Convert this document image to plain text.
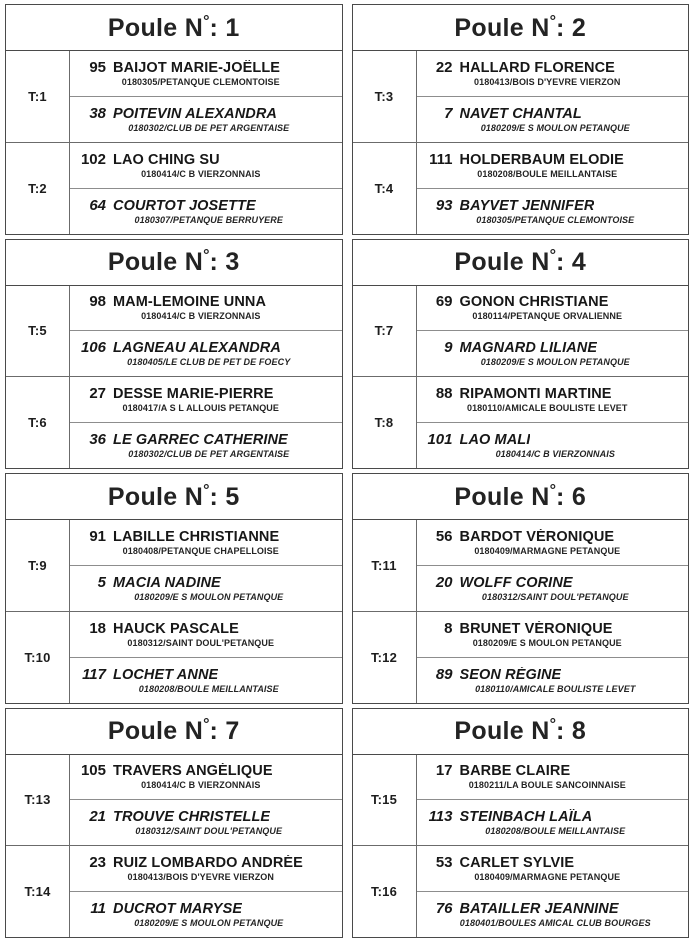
Poule N°: 1
T:1
95 BAIJOT MARIE-JOËLLE
0180305/PETANQUE CLEMONTOISE
38 POITEVIN ALEXANDRA
0180302/CLUB DE PET ARGENTAISE
T:2
102 LAO CHING SU
0180414/C B VIERZONNAIS
64 COURTOT JOSETTE
0180307/PETANQUE BERRUYERE
Poule N°: 2
T:3
22 HALLARD FLORENCE
0180413/BOIS D'YEVRE VIERZON
7 NAVET CHANTAL
0180209/E S MOULON PETANQUE
T:4
111 HOLDERBAUM ELODIE
0180208/BOULE MEILLANTAISE
93 BAYVET JENNIFER
0180305/PETANQUE CLEMONTOISE
Poule N°: 3
T:5
98 MAM-LEMOINE UNNA
0180414/C B VIERZONNAIS
106 LAGNEAU ALEXANDRA
0180405/LE CLUB DE PET DE FOECY
T:6
27 DESSE MARIE-PIERRE
0180417/A S L ALLOUIS PETANQUE
36 LE GARREC CATHERINE
0180302/CLUB DE PET ARGENTAISE
Poule N°: 4
T:7
69 GONON CHRISTIANE
0180114/PETANQUE ORVALIENNE
9 MAGNARD LILIANE
0180209/E S MOULON PETANQUE
T:8
88 RIPAMONTI MARTINE
0180110/AMICALE BOULISTE LEVET
101 LAO MALI
0180414/C B VIERZONNAIS
Poule N°: 5
T:9
91 LABILLE CHRISTIANNE
0180408/PETANQUE CHAPELLOISE
5 MACIA NADINE
0180209/E S MOULON PETANQUE
T:10
18 HAUCK PASCALE
0180312/SAINT DOUL'PETANQUE
117 LOCHET ANNE
0180208/BOULE MEILLANTAISE
Poule N°: 6
T:11
56 BARDOT VÉRONIQUE
0180409/MARMAGNE PETANQUE
20 WOLFF CORINE
0180312/SAINT DOUL'PETANQUE
T:12
8 BRUNET VÉRONIQUE
0180209/E S MOULON PETANQUE
89 SEON RÉGINE
0180110/AMICALE BOULISTE LEVET
Poule N°: 7
T:13
105 TRAVERS ANGÉLIQUE
0180414/C B VIERZONNAIS
21 TROUVE CHRISTELLE
0180312/SAINT DOUL'PETANQUE
T:14
23 RUIZ LOMBARDO ANDRÉE
0180413/BOIS D'YEVRE VIERZON
11 DUCROT MARYSE
0180209/E S MOULON PETANQUE
Poule N°: 8
T:15
17 BARBE CLAIRE
0180211/LA BOULE SANCOINNAISE
113 STEINBACH LAÏLA
0180208/BOULE MEILLANTAISE
T:16
53 CARLET SYLVIE
0180409/MARMAGNE PETANQUE
76 BATAILLER JEANNINE
0180401/BOULES AMICAL CLUB BOURGES
